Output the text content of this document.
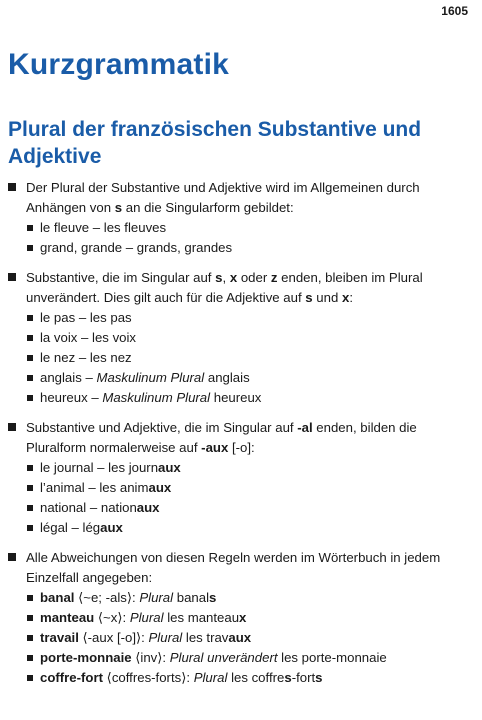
1605
Kurzgrammatik
Plural der französischen Substantive und Adjektive

Der Plural der Substantive und Adjektive wird im Allgemeinen durch Anhängen von s an die Singularform gebildet:

le fleuve – les fleuves
grand, grande – grands, grandes

Substantive, die im Singular auf s, x oder z enden, bleiben im Plural unverändert. Dies gilt auch für die Adjektive auf s und x:

le pas – les pas
la voix – les voix
le nez – les nez
anglais – Maskulinum Plural anglais
heureux – Maskulinum Plural heureux

Substantive und Adjektive, die im Singular auf -al enden, bilden die Pluralform normalerweise auf -aux [-o]:

le journal – les journaux
l’animal – les animaux
national – nationaux
légal – légaux

Alle Abweichungen von diesen Regeln werden im Wörterbuch in jedem Einzelfall angegeben:

banal ⟨~e; -als⟩: Plural banals
manteau ⟨~x⟩: Plural les manteaux
travail ⟨-aux [-o]⟩: Plural les travaux
porte-monnaie ⟨inv⟩: Plural unverändert les porte-monnaie
coffre-fort ⟨coffres-forts⟩: Plural les coffres-forts
